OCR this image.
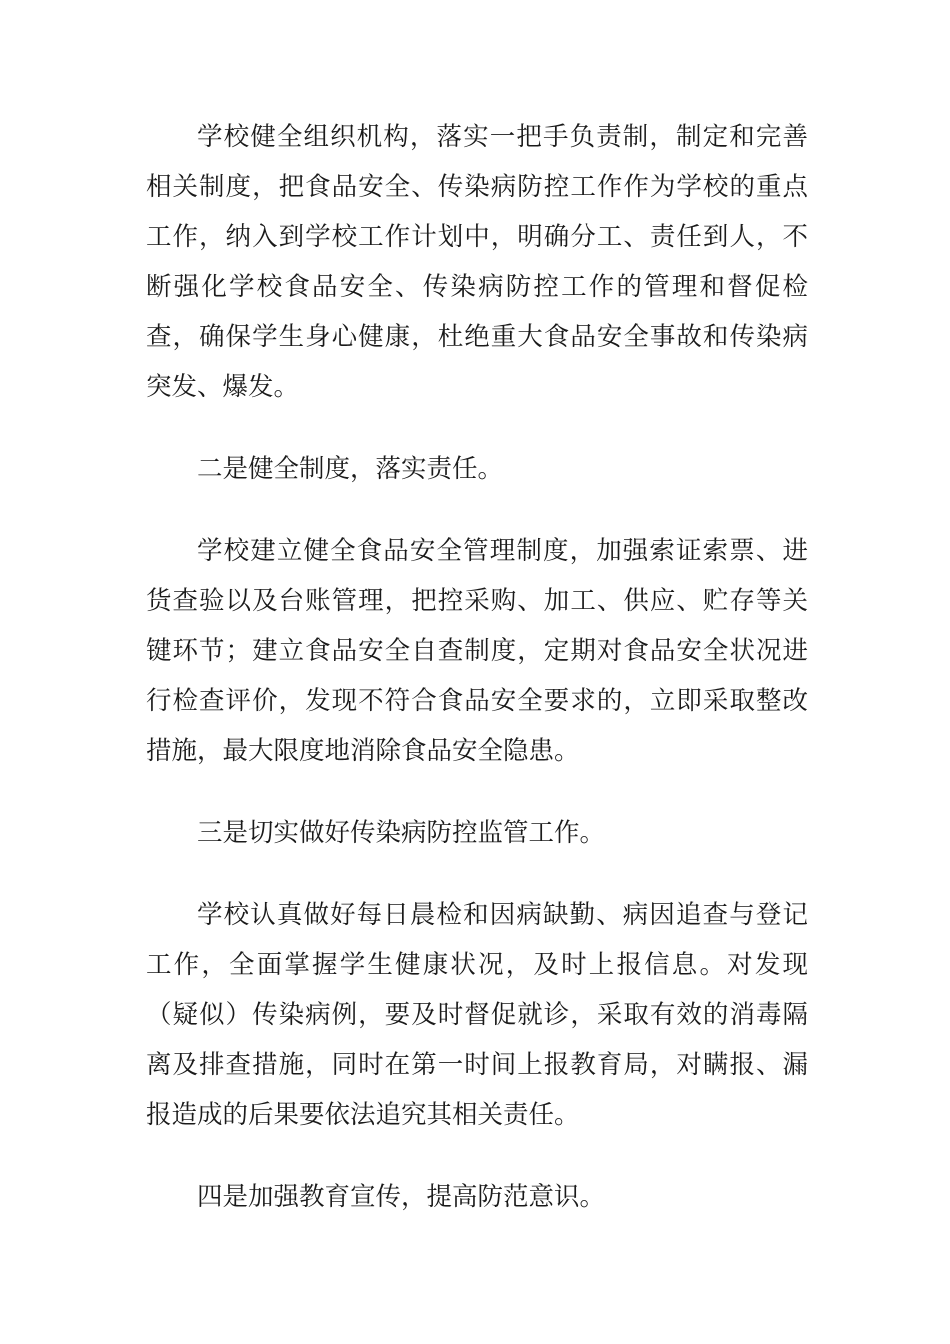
学校健全组织机构，落实一把手负责制，制定和完善相关制度，把食品安全、传染病防控工作作为学校的重点工作，纳入到学校工作计划中，明确分工、责任到人，不断强化学校食品安全、传染病防控工作的管理和督促检查，确保学生身心健康，杜绝重大食品安全事故和传染病突发、爆发。

二是健全制度，落实责任。

学校建立健全食品安全管理制度，加强索证索票、进货查验以及台账管理，把控采购、加工、供应、贮存等关键环节；建立食品安全自查制度，定期对食品安全状况进行检查评价，发现不符合食品安全要求的，立即采取整改措施，最大限度地消除食品安全隐患。

三是切实做好传染病防控监管工作。

学校认真做好每日晨检和因病缺勤、病因追查与登记工作，全面掌握学生健康状况，及时上报信息。对发现（疑似）传染病例，要及时督促就诊，采取有效的消毒隔离及排查措施，同时在第一时间上报教育局，对瞒报、漏报造成的后果要依法追究其相关责任。

四是加强教育宣传，提高防范意识。
